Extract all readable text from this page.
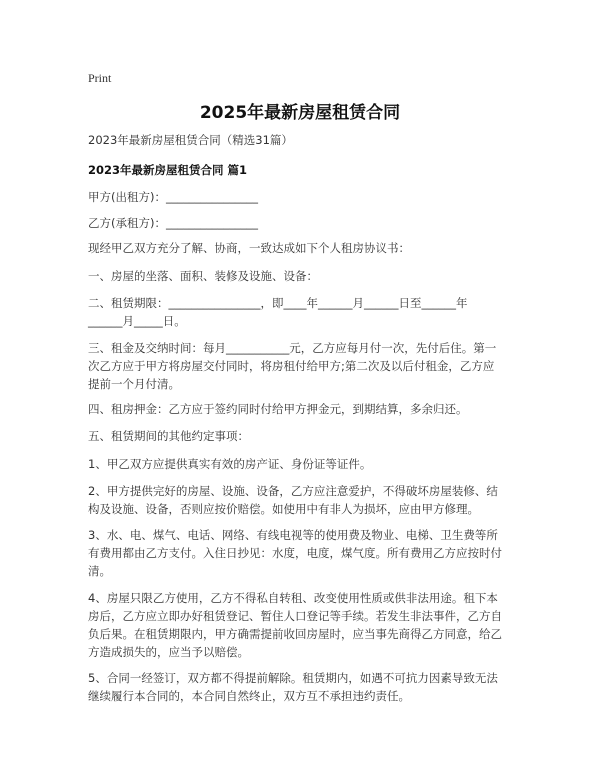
Print
2025年最新房屋租赁合同
2023年最新房屋租赁合同（精选31篇）
2023年最新房屋租赁合同 篇1
甲方(出租方)：________________
乙方(承租方)：________________
现经甲乙双方充分了解、协商，一致达成如下个人租房协议书：
一、房屋的坐落、面积、装修及设施、设备：
二、租赁期限：________________，即____年______月______日至______年
______月_____日。
三、租金及交纳时间：每月___________元，乙方应每月付一次，先付后住。第一
次乙方应于甲方将房屋交付同时，将房租付给甲方;第二次及以后付租金，乙方应
提前一个月付清。
四、租房押金：乙方应于签约同时付给甲方押金元，到期结算，多余归还。
五、租赁期间的其他约定事项：
1、甲乙双方应提供真实有效的房产证、身份证等证件。
2、甲方提供完好的房屋、设施、设备，乙方应注意爱护，不得破坏房屋装修、结
构及设施、设备，否则应按价赔偿。如使用中有非人为损坏，应由甲方修理。
3、水、电、煤气、电话、网络、有线电视等的使用费及物业、电梯、卫生费等所
有费用都由乙方支付。入住日抄见：水度，电度，煤气度。所有费用乙方应按时付
清。
4、房屋只限乙方使用，乙方不得私自转租、改变使用性质或供非法用途。租下本
房后，乙方应立即办好租赁登记、暂住人口登记等手续。若发生非法事件，乙方自
负后果。在租赁期限内，甲方确需提前收回房屋时，应当事先商得乙方同意，给乙
方造成损失的，应当予以赔偿。
5、合同一经签订，双方都不得提前解除。租赁期内，如遇不可抗力因素导致无法
继续履行本合同的，本合同自然终止，双方互不承担违约责任。
